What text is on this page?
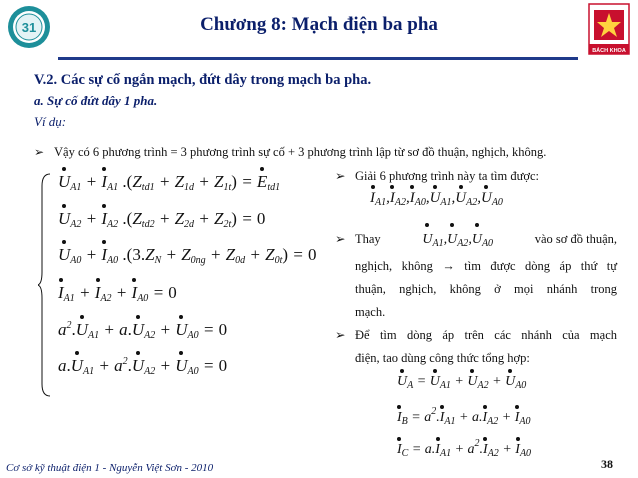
31
BÁCH KHOA
Chương 8: Mạch điện ba pha
V.2. Các sự cố ngắn mạch, đứt dây trong mạch ba pha.
a. Sự cố đứt dây 1 pha.
Ví dụ:
➢ Vậy có 6 phương trình = 3 phương trình sự cố + 3 phương trình lập từ sơ đồ thuận, nghịch, không.
UA1 + IA1 .(Ztd1 + Z1d + Z1t) = Etd1
UA2 + IA2 .(Ztd2 + Z2d + Z2t) = 0
UA0 + IA0 .(3.ZN + Z0ng + Z0d + Z0t) = 0
IA1 + IA2 + IA0 = 0
$a^2.UA1 + a.UA2 + UA0 = 0$
$a.UA1 + a^2.UA2 + UA0 = 0$
➢ Giải 6 phương trình này ta tìm được:
$I_{A1},I_{A2},I_{A0},U_{A1},U_{A2},U_{A0}$
➢ Thay	$U_{A1},U_{A2},U_{A0}$	vào sơ đồ thuận,
nghịch, không → tìm được dòng áp thứ tự
thuận, nghịch, không ở mọi nhánh trong
mạch.
➢ Để tìm dòng áp trên các nhánh của mạch
điện, tao dùng công thức tổng hợp:
$U_A = U_{A1} + U_{A2} + U_{A0}$
$I_B = a^2.I_{A1} + a.I_{A2} + I_{A0}$
$I_C = a.I_{A1} + a^2.I_{A2} + I_{A0}$
Cơ sở kỹ thuật điện 1 - Nguyễn Việt Sơn - 2010	38
